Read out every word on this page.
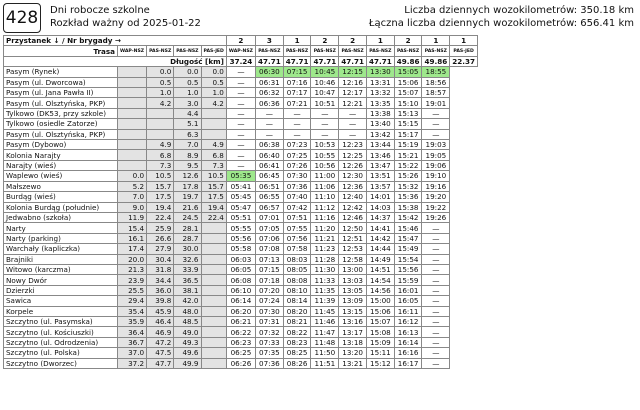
428 Dni robocze szkolne
Rozkład ważny od 2025-01-22
Liczba dziennych wozokilometrów: 350.18 km
Łączna liczba dziennych wozokilometrów: 656.41 km
Przystanek ↓ / Nr brygady →					2	3	1	2	2	1	2	1	1
Trasa	WAP-NSZ	PAS-NSZ	PAS-NSZ	PAS-JED	WAP-NSZ	PAS-NSZ	PAS-NSZ	PAS-NSZ	PAS-NSZ	PAS-NSZ	PAS-NSZ	PAS-NSZ	PAS-JED
Długość [km]					37.24	47.71	47.71	47.71	47.71	47.71	49.86	49.86	22.37
Pasym (Rynek)		0.0	0.0	0.0	—	06:30	07:15	10:45	12:15	13:30	15:05	18:55	
Pasym (ul. Dworcowa)		0.5	0.5	0.5	—	06:31	07:16	10:46	12:16	13:31	15:06	18:56	
Pasym (ul. Jana Pawła II)		1.0	1.0	1.0	—	06:32	07:17	10:47	12:17	13:32	15:07	18:57	
Pasym (ul. Olsztyńska, PKP)		4.2	3.0	4.2	—	06:36	07:21	10:51	12:21	13:35	15:10	19:01	
Tylkowo (DK53, przy szkole)			4.4		—	—	—	—	—	13:38	15:13	—	
Tylkowo (osiedle Zatorze)			5.1		—	—	—	—	—	13:40	15:15	—	
Pasym (ul. Olsztyńska, PKP)			6.3		—	—	—	—	—	13:42	15:17	—	
Pasym (Dybowo)		4.9	7.0	4.9	—	06:38	07:23	10:53	12:23	13:44	15:19	19:03	
Kolonia Narajty		6.8	8.9	6.8	—	06:40	07:25	10:55	12:25	13:46	15:21	19:05	
Narajty (wieś)		7.3	9.5	7.3	—	06:41	07:26	10:56	12:26	13:47	15:22	19:06	
Waplewo (wieś)	0.0	10.5	12.6	10.5	05:35	06:45	07:30	11:00	12:30	13:51	15:26	19:10	
Małszewo	5.2	15.7	17.8	15.7	05:41	06:51	07:36	11:06	12:36	13:57	15:32	19:16	
Burdąg (wieś)	7.0	17.5	19.7	17.5	05:45	06:55	07:40	11:10	12:40	14:01	15:36	19:20	
Kolonia Burdąg (południe)	9.0	19.4	21.6	19.4	05:47	06:57	07:42	11:12	12:42	14:03	15:38	19:22	
Jedwabno (szkoła)	11.9	22.4	24.5	22.4	05:51	07:01	07:51	11:16	12:46	14:37	15:42	19:26	
Narty	15.4	25.9	28.1		05:55	07:05	07:55	11:20	12:50	14:41	15:46	—	
Narty (parking)	16.1	26.6	28.7		05:56	07:06	07:56	11:21	12:51	14:42	15:47	—	
Warchały (kapliczka)	17.4	27.9	30.0		05:58	07:08	07:58	11:23	12:53	14:44	15:49	—	
Brajniki	20.0	30.4	32.6		06:03	07:13	08:03	11:28	12:58	14:49	15:54	—	
Witowo (karczma)	21.3	31.8	33.9		06:05	07:15	08:05	11:30	13:00	14:51	15:56	—	
Nowy Dwór	23.9	34.4	36.5		06:08	07:18	08:08	11:33	13:03	14:54	15:59	—	
Dzierzki	25.5	36.0	38.1		06:10	07:20	08:10	11:35	13:05	14:56	16:01	—	
Sawica	29.4	39.8	42.0		06:14	07:24	08:14	11:39	13:09	15:00	16:05	—	
Korpele	35.4	45.9	48.0		06:20	07:30	08:20	11:45	13:15	15:06	16:11	—	
Szczytno (ul. Pasymska)	35.9	46.4	48.5		06:21	07:31	08:21	11:46	13:16	15:07	16:12	—	
Szczytno (ul. Kościuszki)	36.4	46.9	49.0		06:22	07:32	08:22	11:47	13:17	15:08	16:13	—	
Szczytno (ul. Odrodzenia)	36.7	47.2	49.3		06:23	07:33	08:23	11:48	13:18	15:09	16:14	—	
Szczytno (ul. Polska)	37.0	47.5	49.6		06:25	07:35	08:25	11:50	13:20	15:11	16:16	—	
Szczytno (Dworzec)	37.2	47.7	49.9		06:26	07:36	08:26	11:51	13:21	15:12	16:17	—	
